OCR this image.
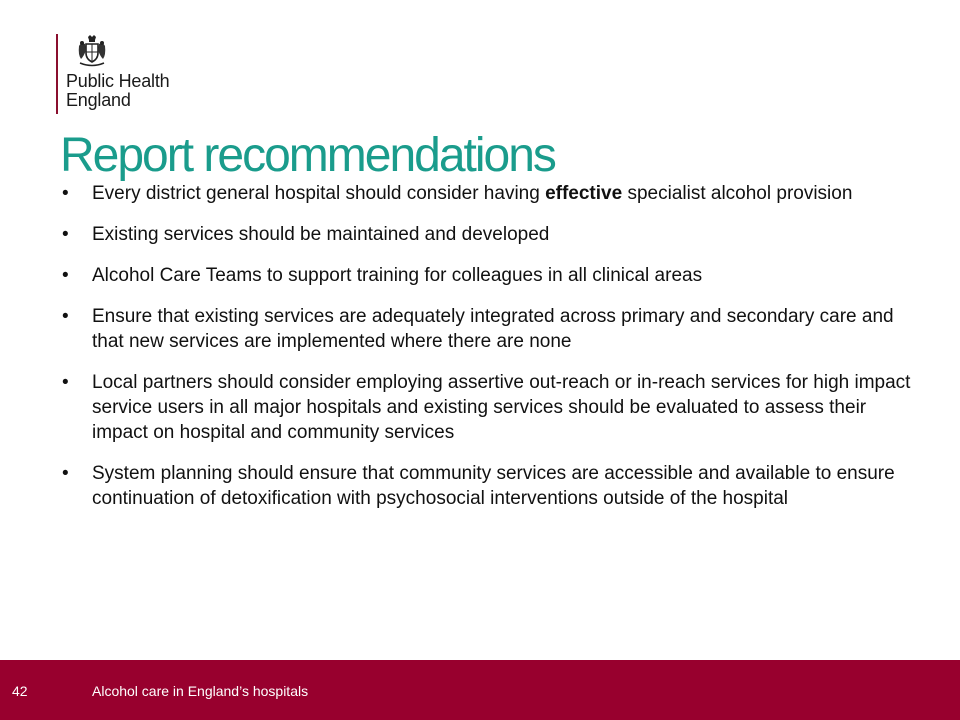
Public Health
England
Report recommendations
• Every district general hospital should consider having effective specialist alcohol provision
• Existing services should be maintained and developed
• Alcohol Care Teams to support training for colleagues in all clinical areas
• Ensure that existing services are adequately integrated across primary and secondary care and that new services are implemented where there are none
• Local partners should consider employing assertive out-reach or in-reach services for high impact service users in all major hospitals and existing services should be evaluated to assess their impact on hospital and community services
• System planning should ensure that community services are accessible and available to ensure continuation of detoxification with psychosocial interventions outside of the hospital
42	Alcohol care in England’s hospitals
